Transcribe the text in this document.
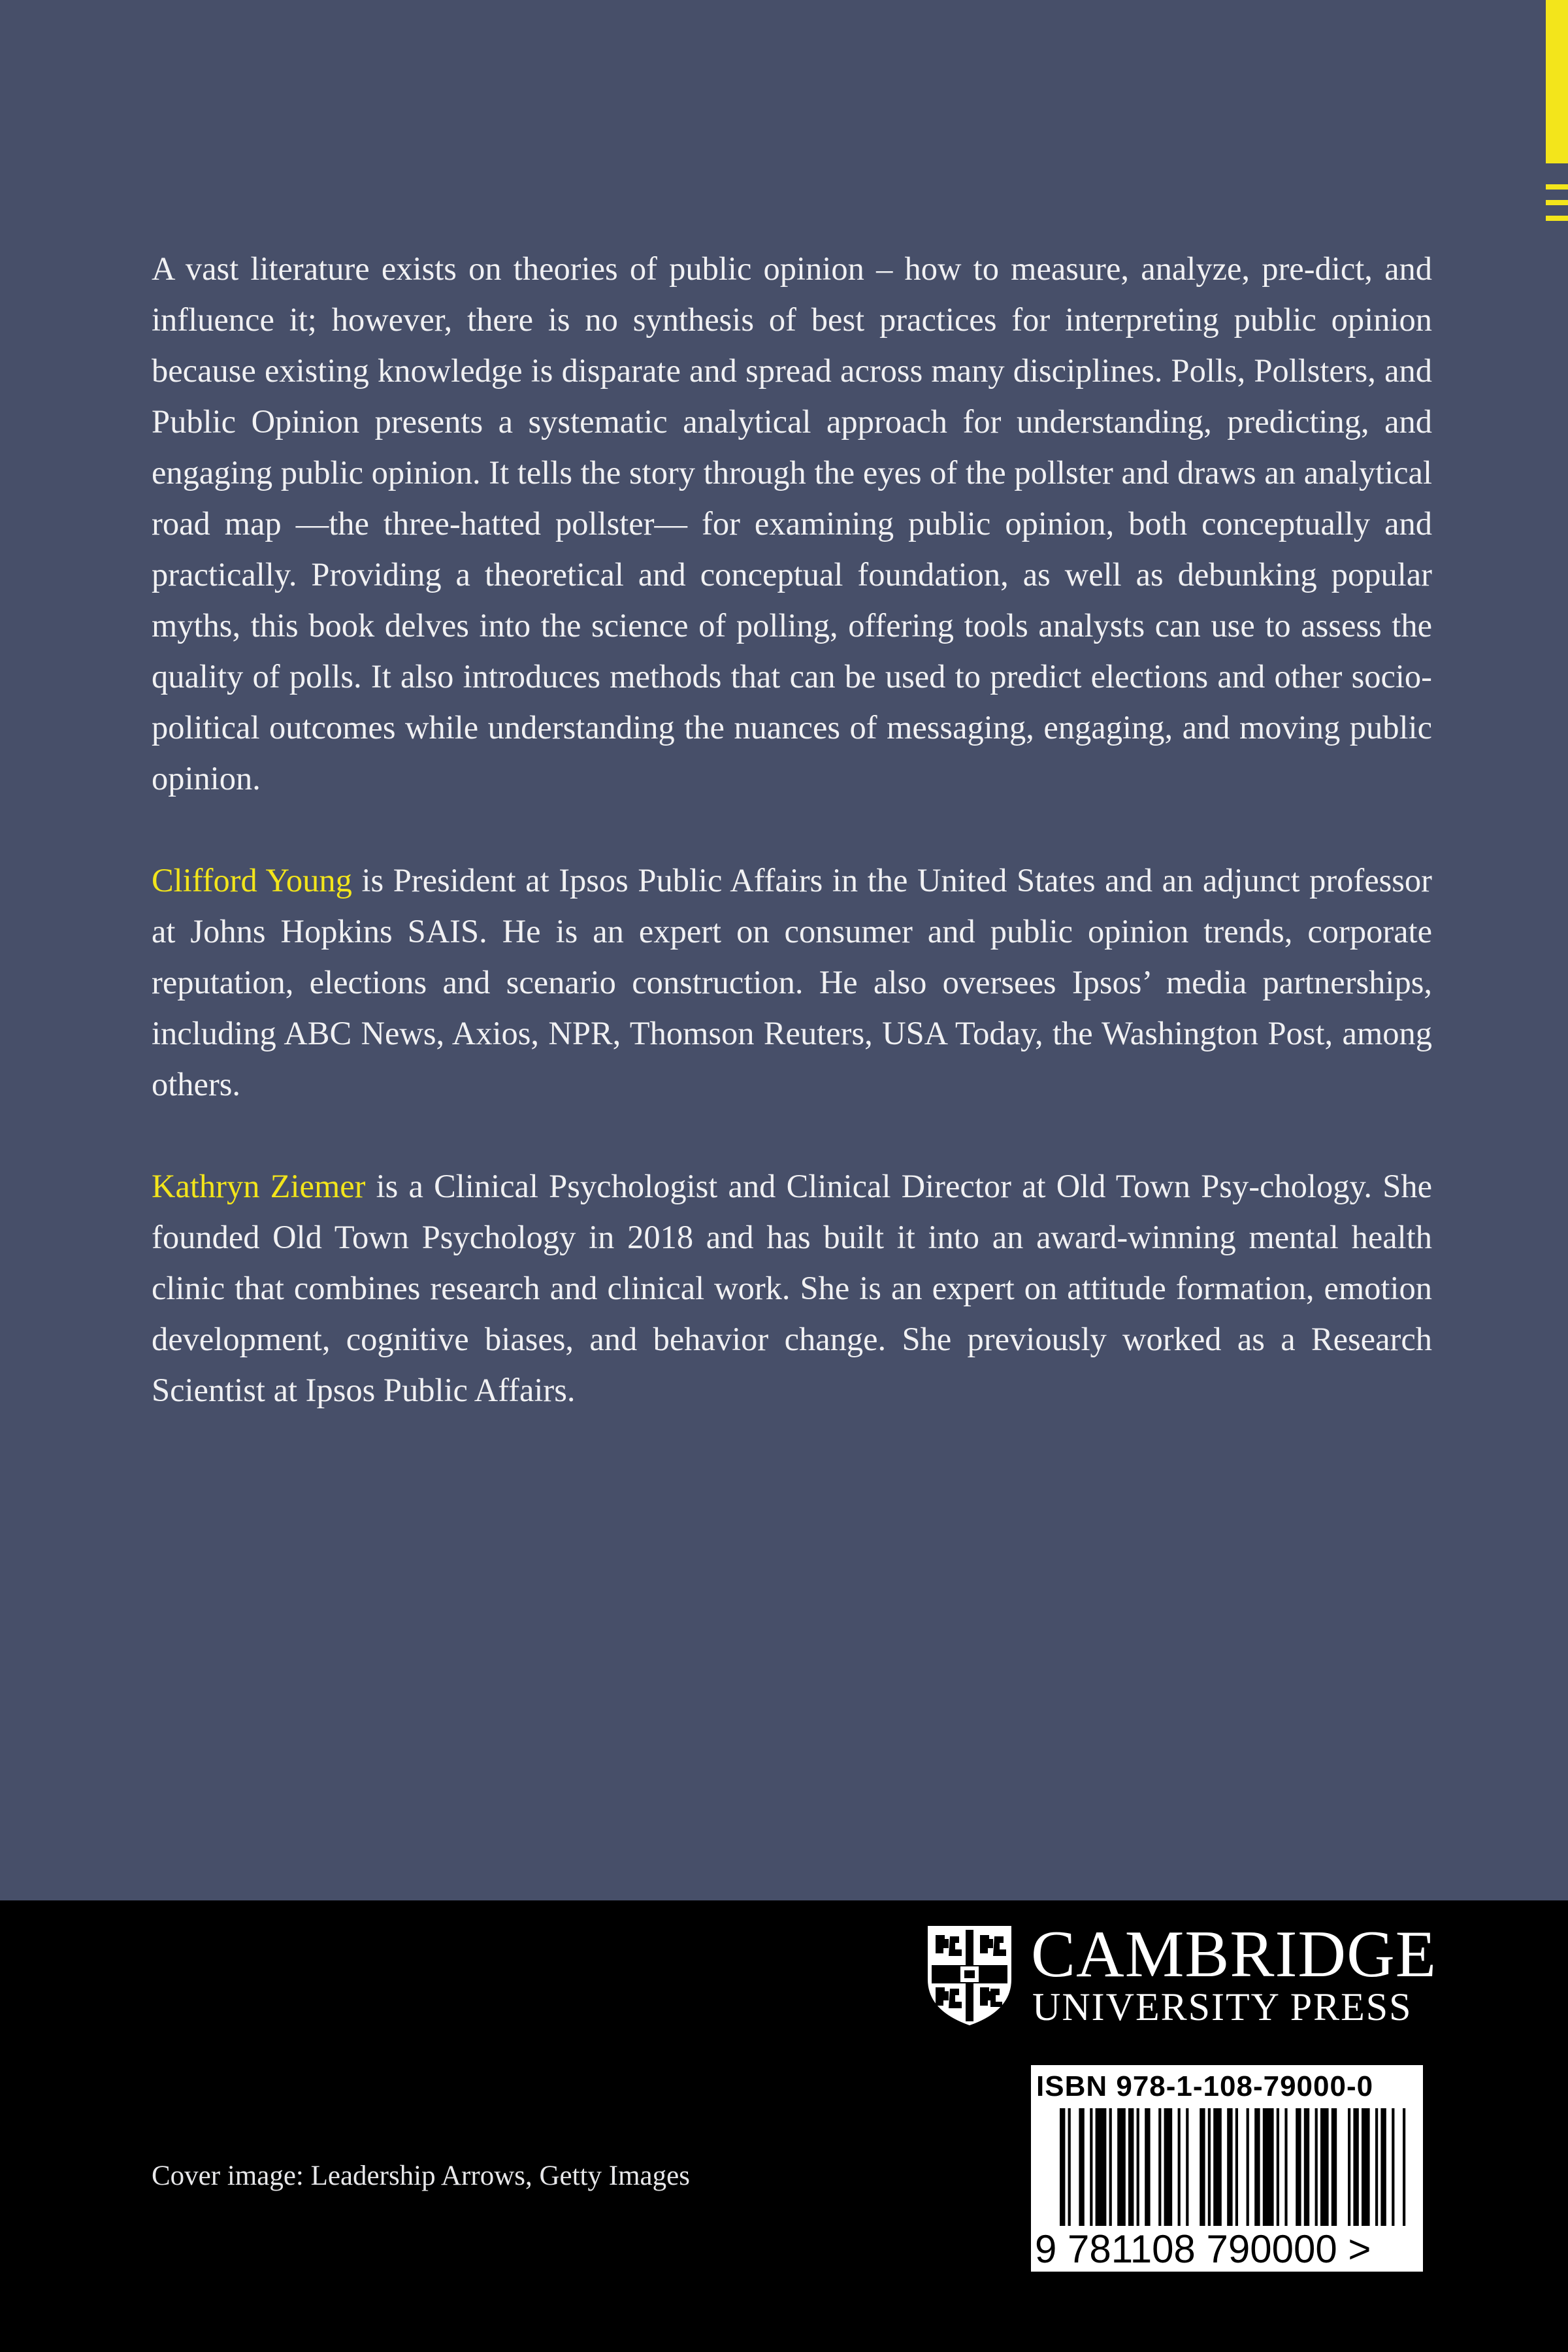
A vast literature exists on theories of public opinion – how to measure, analyze, pre-dict, and influence it; however, there is no synthesis of best practices for interpreting public opinion because existing knowledge is disparate and spread across many disciplines. Polls, Pollsters, and Public Opinion presents a systematic analytical approach for understanding, predicting, and engaging public opinion. It tells the story through the eyes of the pollster and draws an analytical road map —the three-hatted pollster— for examining public opinion, both conceptually and practically. Providing a theoretical and conceptual foundation, as well as debunking popular myths, this book delves into the science of polling, offering tools analysts can use to assess the quality of polls. It also introduces methods that can be used to predict elections and other socio-political outcomes while understanding the nuances of messaging, engaging, and moving public opinion.

Clifford Young is President at Ipsos Public Affairs in the United States and an adjunct professor at Johns Hopkins SAIS. He is an expert on consumer and public opinion trends, corporate reputation, elections and scenario construction. He also oversees Ipsos’ media partnerships, including ABC News, Axios, NPR, Thomson Reuters, USA Today, the Washington Post, among others.

Kathryn Ziemer is a Clinical Psychologist and Clinical Director at Old Town Psy-chology. She founded Old Town Psychology in 2018 and has built it into an award-winning mental health clinic that combines research and clinical work. She is an expert on attitude formation, emotion development, cognitive biases, and behavior change. She previously worked as a Research Scientist at Ipsos Public Affairs.

CAMBRIDGE
UNIVERSITY PRESS
Cover image: Leadership Arrows, Getty Images
ISBN 978-1-108-79000-0
9 781108 790000 >
